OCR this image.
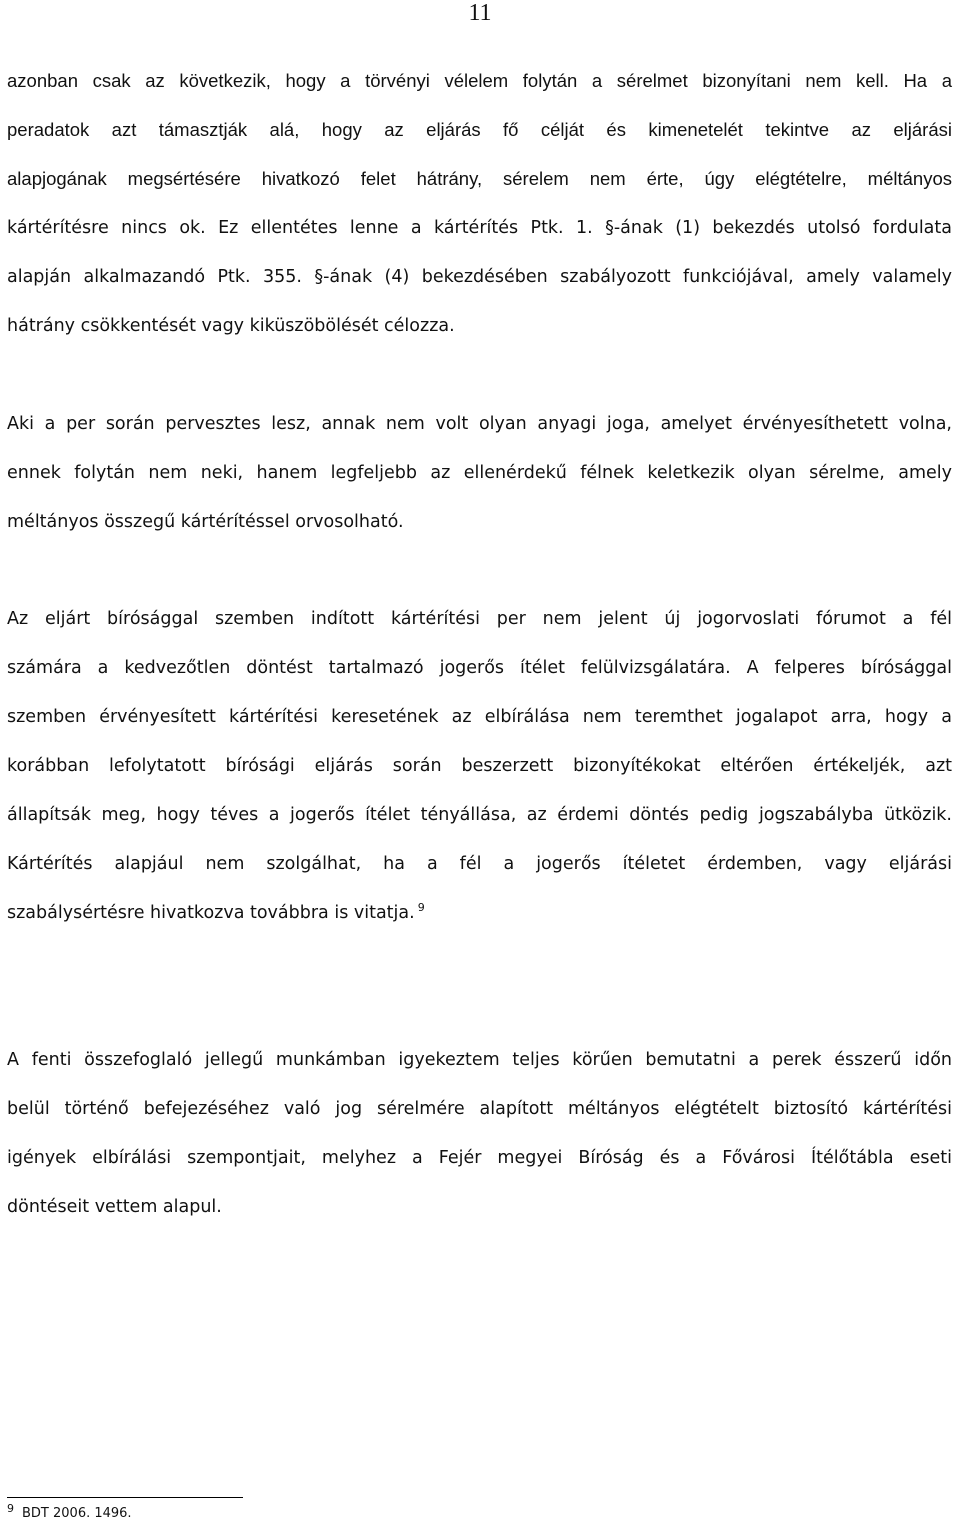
11
azonban csak az következik, hogy a törvényi vélelem folytán a sérelmet bizonyítani nem kell. Ha a
peradatok azt támasztják alá, hogy az eljárás fő célját és kimenetelét tekintve az eljárási
alapjogának megsértésére hivatkozó felet hátrány, sérelem nem érte, úgy elégtételre, méltányos
kártérítésre nincs ok. Ez ellentétes lenne a kártérítés Ptk. 1. §-ának (1) bekezdés utolsó fordulata
alapján alkalmazandó Ptk. 355. §-ának (4) bekezdésében szabályozott funkciójával, amely valamely
hátrány csökkentését vagy kiküszöbölését célozza.
Aki a per során pervesztes lesz, annak nem volt olyan anyagi joga, amelyet érvényesíthetett volna,
ennek folytán nem neki, hanem legfeljebb az ellenérdekű félnek keletkezik olyan sérelme, amely
méltányos összegű kártérítéssel orvosolható.
Az eljárt bírósággal szemben indított kártérítési per nem jelent új jogorvoslati fórumot a fél
számára a kedvezőtlen döntést tartalmazó jogerős ítélet felülvizsgálatára. A felperes bírósággal
szemben érvényesített kártérítési keresetének az elbírálása nem teremthet jogalapot arra, hogy a
korábban lefolytatott bírósági eljárás során beszerzett bizonyítékokat eltérően értékeljék, azt
állapítsák meg, hogy téves a jogerős ítélet tényállása, az érdemi döntés pedig jogszabályba ütközik.
Kártérítés alapjául nem szolgálhat, ha a fél a jogerős ítéletet érdemben, vagy eljárási
szabálysértésre hivatkozva továbbra is vitatja. $^9$
A fenti összefoglaló jellegű munkámban igyekeztem teljes körűen bemutatni a perek ésszerű időn
belül történő befejezéséhez való jog sérelmére alapított méltányos elégtételt biztosító kártérítési
igények elbírálási szempontjait, melyhez a Fejér megyei Bíróság és a Fővárosi Ítélőtábla eseti
döntéseit vettem alapul.
$^9$ BDT 2006. 1496.
